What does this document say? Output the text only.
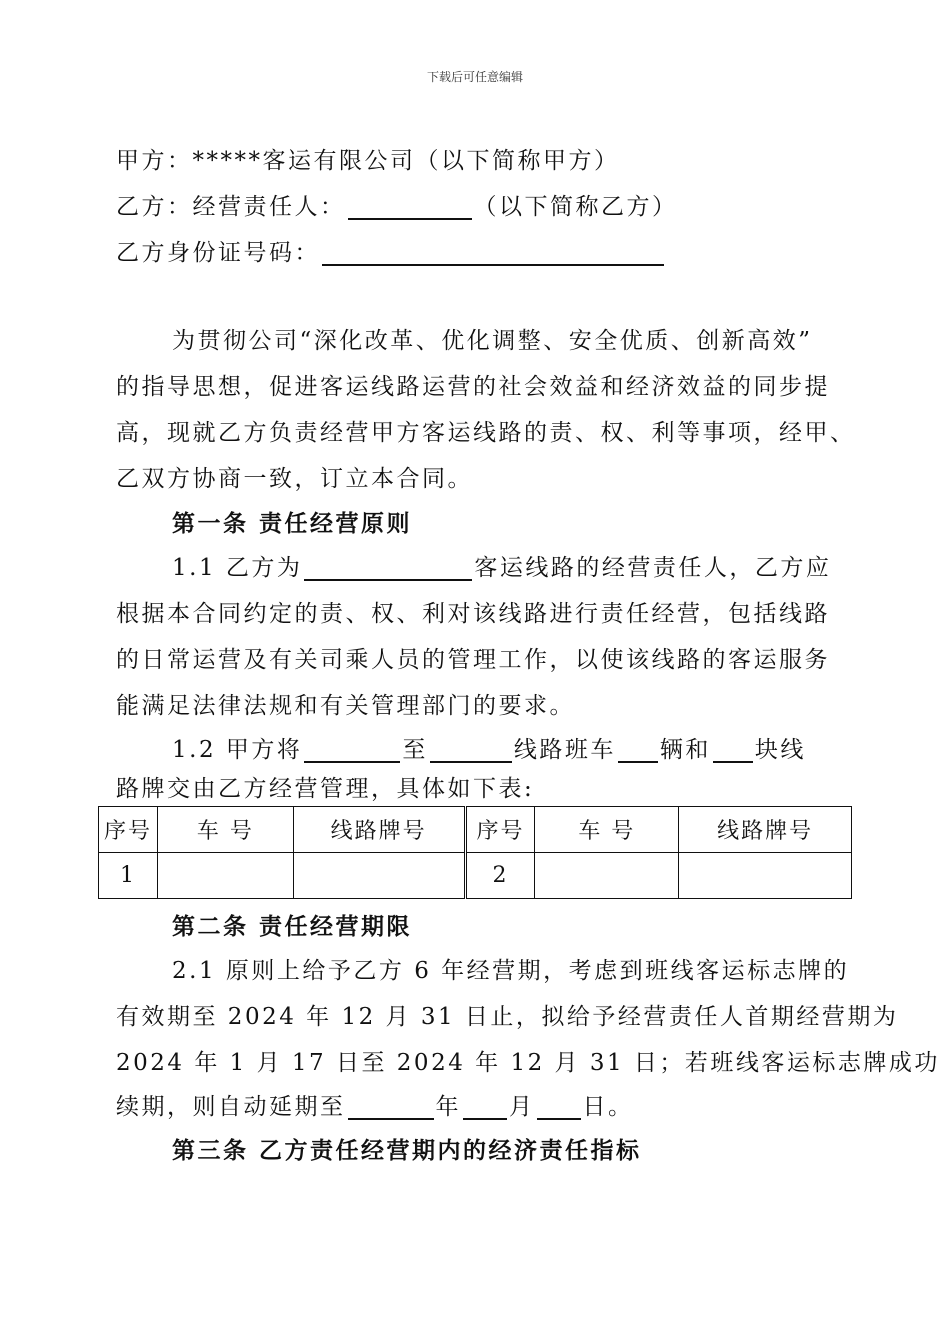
下载后可任意编辑
甲方：*****客运有限公司（以下简称甲方）
乙方：经营责任人：	（以下简称乙方）
乙方身份证号码：
为贯彻公司“深化改革、优化调整、安全优质、创新高效”
的指导思想，促进客运线路运营的社会效益和经济效益的同步提
高，现就乙方负责经营甲方客运线路的责、权、利等事项，经甲、
乙双方协商一致，订立本合同。
第一条 责任经营原则
1.1 乙方为	客运线路的经营责任人，乙方应
根据本合同约定的责、权、利对该线路进行责任经营，包括线路
的日常运营及有关司乘人员的管理工作，以使该线路的客运服务
能满足法律法规和有关管理部门的要求。
1.2 甲方将	至	线路班车 辆和 块线
路牌交由乙方经营管理，具体如下表:
序号	车 号	线路牌号	序号	车 号	线路牌号
1			2		
第二条 责任经营期限
2.1 原则上给予乙方 6 年经营期，考虑到班线客运标志牌的
有效期至 2024 年 12 月 31 日止，拟给予经营责任人首期经营期为
2024 年 1 月 17 日至 2024 年 12 月 31 日；若班线客运标志牌成功
续期，则自动延期至	年 月 日。
第三条 乙方责任经营期内的经济责任指标
